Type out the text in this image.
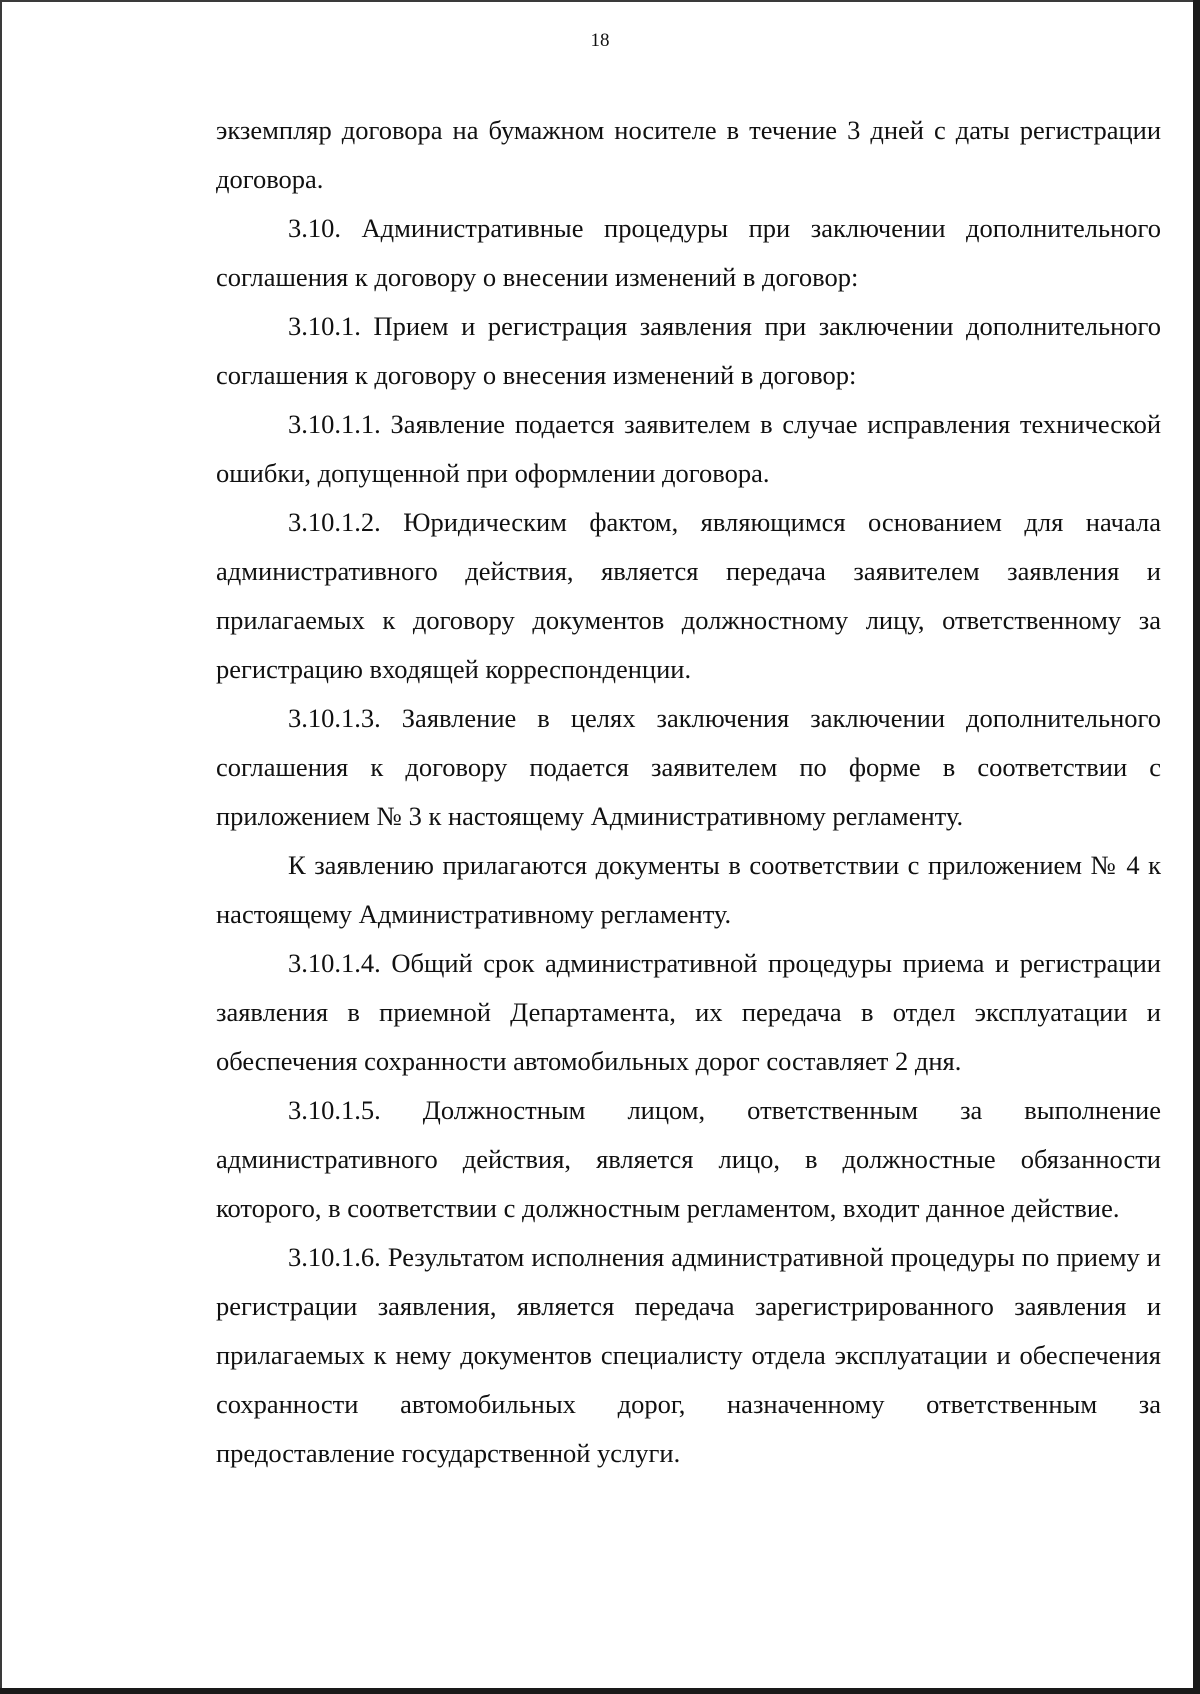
18

экземпляр договора на бумажном носителе в течение 3 дней с даты регистрации договора.

3.10. Административные процедуры при заключении дополнительного соглашения к договору о внесении изменений в договор:

3.10.1. Прием и регистрация заявления при заключении дополнительного соглашения к договору о внесения изменений в договор:

3.10.1.1. Заявление подается заявителем в случае исправления технической ошибки, допущенной при оформлении договора.

3.10.1.2. Юридическим фактом, являющимся основанием для начала административного действия, является передача заявителем заявления и прилагаемых к договору документов должностному лицу, ответственному за регистрацию входящей корреспонденции.

3.10.1.3. Заявление в целях заключения заключении дополнительного соглашения к договору подается заявителем по форме в соответствии с приложением № 3 к настоящему Административному регламенту.

К заявлению прилагаются документы в соответствии с приложением № 4 к настоящему Административному регламенту.

3.10.1.4. Общий срок административной процедуры приема и регистрации заявления в приемной Департамента, их передача в отдел эксплуатации и обеспечения сохранности автомобильных дорог составляет 2 дня.

3.10.1.5. Должностным лицом, ответственным за выполнение административного действия, является лицо, в должностные обязанности которого, в соответствии с должностным регламентом, входит данное действие.

3.10.1.6. Результатом исполнения административной процедуры по приему и регистрации заявления, является передача зарегистрированного заявления и прилагаемых к нему документов специалисту отдела эксплуатации и обеспечения сохранности автомобильных дорог, назначенному ответственным за предоставление государственной услуги.
